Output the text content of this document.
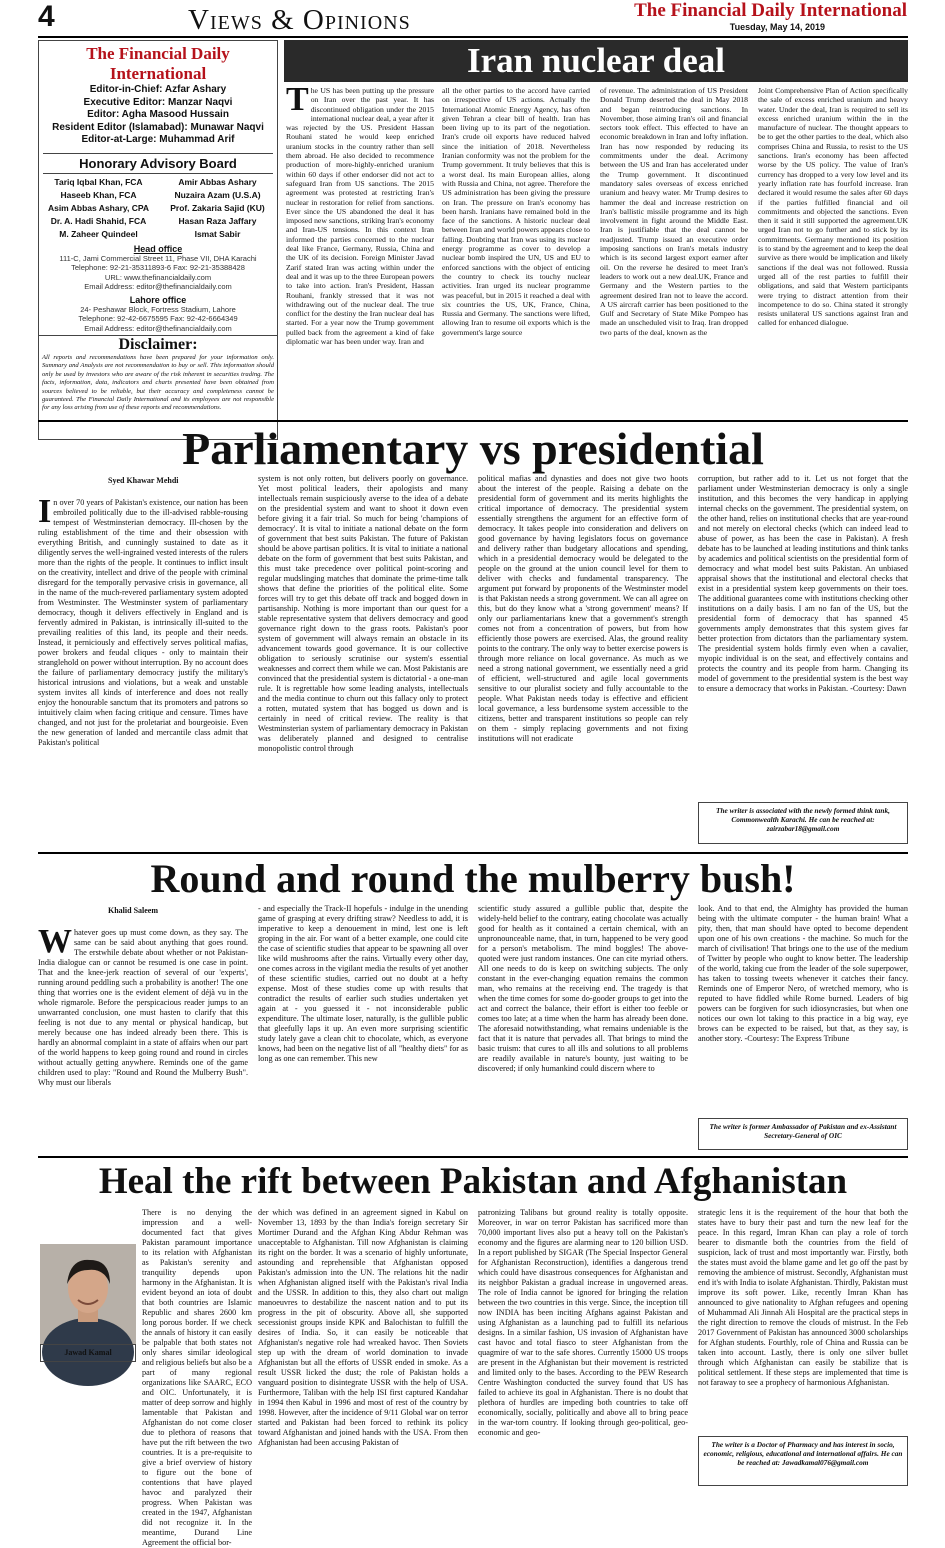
4	Views & Opinions	The Financial Daily International
Tuesday, May 14, 2019
The Financial Daily International
Editor-in-Chief: Azfar Ashary
Executive Editor: Manzar Naqvi
Editor: Agha Masood Hussain
Resident Editor (Islamabad): Munawar Naqvi
Editor-at-Large: Muhammad Arif
Honorary Advisory Board
Tariq Iqbal Khan, FCA	Amir Abbas Ashary
Haseeb Khan, FCA	Nuzaira Azam (U.S.A)
Asim Abbas Ashary, CPA	Prof. Zakaria Sajid (KU)
Dr. A. Hadi Shahid, FCA	Hasan Raza Jaffary
M. Zaheer Quindeel	Ismat Sabir
Head office
111-C, Jami Commercial Street 11, Phase VII, DHA Karachi
Telephone: 92-21-35311893-6 Fax: 92-21-35388428
URL: www.thefinancialdaily.com
Email Address: editor@thefinancialdaily.com
Lahore office
24- Peshawar Block, Fortress Stadium, Lahore
Telephone: 92-42-6675595 Fax: 92-42-6664349
Email Address: editor@thefinancialdaily.com
Disclaimer:
All reports and recommendations have been prepared for your information only. Summary and Analysis are not recommendation to buy or sell. This information should only be used by investors who are aware of the risk inherent in securities trading. The facts, information, data, indicators and charts presented have been obtained from sources believed to be reliable, but their accuracy and completeness cannot be guaranteed. The Financial Daily International and its employees are not responsible for any loss arising from use of these reports and recommendations.
Iran nuclear deal
The US has been putting up the pressure on Iran over the past year. It has discontinued obligation under the 2015 international nuclear deal, a year after it was rejected by the US. President Hassan Rouhani stated he would keep enriched uranium stocks in the country rather than sell them abroad. He also decided to recommence production of more-highly-enriched uranium within 60 days if other endorser did not act to safeguard Iran from US sanctions. The 2015 agreement was protested at restricting Iran's nuclear in restoration for relief from sanctions. Ever since the US abandoned the deal it has imposed new sanctions, striking Iran's economy and Iran-US tensions. In this context Iran informed the parties concerned to the nuclear deal like France, Germany, Russia, China and the UK of its decision. Foreign Minister Javad Zarif stated Iran was acting within under the deal and it was up to the three European powers to take into action. Iran's President, Hassan Rouhani, frankly stressed that it was not withdrawing out of the nuclear deal. The true conflict for the destiny the Iran nuclear deal has started. For a year now the Trump government pulled back from the agreement a kind of fake diplomatic war has been under way. Iran and
all the other parties to the accord have carried on irrespective of US actions. Actually the International Atomic Energy Agency, has often given Tehran a clear bill of health. Iran has been living up to its part of the negotiation. Iran's crude oil exports have reduced halved since the initiation of 2018. Nevertheless Iranian conformity was not the problem for the Trump government. It truly believes that this is a worst deal. Its main European allies, along with Russia and China, not agree. Therefore the US administration has been giving the pressure on Iran. The pressure on Iran's economy has been harsh. Iranians have remained bold in the face of the sanctions. A historic nuclear deal between Iran and world powers appears close to falling. Doubting that Iran was using its nuclear energy programme as cover to develop a nuclear bomb inspired the UN, US and EU to enforced sanctions with the object of enticing the country to check its touchy nuclear activities. Iran urged its nuclear programme was peaceful, but in 2015 it reached a deal with six countries the US, UK, France, China, Russia and Germany. The sanctions were lifted, allowing Iran to resume oil exports which is the government's large source
of revenue. The administration of US President Donald Trump deserted the deal in May 2018 and began reintroducing sanctions. In November, those aiming Iran's oil and financial sectors took effect. This effected to have an economic breakdown in Iran and lofty inflation. Iran has now responded by reducing its commitments under the deal. Acrimony between the US and Iran has accelerated under the Trump government. It discontinued mandatory sales overseas of excess enriched uranium and heavy water. Mr Trump desires to hammer the deal and increase restriction on Iran's ballistic missile programme and its high involvement in fight around the Middle East. Iran is justifiable that the deal cannot be readjusted. Trump issued an executive order imposing sanctions on Iran's metals industry which is its second largest export earner after oil. On the reverse he desired to meet Iran's leaders to work out a new deal.UK, France and Germany and the Western parties to the agreement desired Iran not to leave the accord. A US aircraft carrier has been positioned to the Gulf and Secretary of State Mike Pompeo has made an unscheduled visit to Iraq. Iran dropped two parts of the deal, known as the
Joint Comprehensive Plan of Action specifically the sale of excess enriched uranium and heavy water. Under the deal, Iran is required to sell its excess enriched uranium within the in the manufacture of nuclear. The thought appears to be to get the other parties to the deal, which also comprises China and Russia, to resist to the US sanctions. Iran's economy has been affected worse by the US policy. The value of Iran's currency has dropped to a very low level and its yearly inflation rate has fourfold increase. Iran declared it would resume the sales after 60 days if the parties fulfilled financial and oil commitments and objected the sanctions. Even then it said it still supported the agreement.UK urged Iran not to go further and to stick by its commitments. Germany mentioned its position is to stand by the agreement and to keep the deal survive as there would be implication and likely sanctions if the deal was not followed. Russia urged all of the rest parties to fulfill their obligations, and said that Western participants were trying to distract attention from their incompetence to do so. China stated it strongly resists unilateral US sanctions against Iran and called for enhanced dialogue.
Parliamentary vs presidential
Syed Khawar Mehdi
In over 70 years of Pakistan's existence, our nation has been embroiled politically due to the ill-advised rabble-rousing tempest of Westminsterian democracy. Ill-chosen by the ruling establishment of the time and their obsession with everything British, and cunningly sustained to date as it diligently serves the well-ingrained vested interests of the rulers more than the rights of the people. It continues to inflict insult on the creativity, intellect and drive of the people with criminal disregard for the temporally pervasive crisis in governance, all in the name of the much-revered parliamentary system adopted from Westminster. The Westminster system of parliamentary democracy, though it delivers effectively in England and is fervently admired in Pakistan, is intrinsically ill-suited to the prevailing realities of this land, its people and their needs. Instead, it perniciously and effectively serves political mafias, power brokers and feudal cliques - only to maintain their stranglehold on power without interruption. By no account does the failure of parliamentary democracy justify the military's historical intrusions and violations, but a weak and unstable system invites all kinds of interference and does not really enjoy the honourable sanctum that its promoters and patrons so intuitively claim when facing critique and censure. Times have changed, and not just for the proletariat and bourgeoisie. Even the new generation of landed and mercantile class admit that Pakistan's political
system is not only rotten, but delivers poorly on governance. Yet most political leaders, their apologists and many intellectuals remain suspiciously averse to the idea of a debate on the presidential system and want to shoot it down even before giving it a fair trial. So much for being 'champions of democracy'. It is vital to initiate a national debate on the form of government that best suits Pakistan. The future of Pakistan should be above partisan politics. It is vital to initiate a national debate on the form of government that best suits Pakistan, and this must take precedence over political point-scoring and regular mudslinging matches that dominate the prime-time talk shows that define the priorities of the political elite. Some forces will try to get this debate off track and bogged down in partisanship. Nothing is more important than our quest for a stable representative system that delivers democracy and good governance right down to the grass roots. Pakistan's poor system of government will always remain an obstacle in its advancement towards good governance. It is our collective obligation to seriously scrutinise our system's essential weaknesses and correct them while we can. Most Pakistanis are convinced that the presidential system is dictatorial - a one-man rule. It is regrettable how some leading analysts, intellectuals and the media continue to churn out this fallacy only to protect a rotten, mutated system that has bogged us down and is certainly in need of critical review. The reality is that Westminsterian system of parliamentary democracy in Pakistan was deliberately planned and designed to centralise monopolistic control through
political mafias and dynasties and does not give two hoots about the interest of the people. Raising a debate on the presidential form of government and its merits highlights the critical importance of democracy. The presidential system essentially strengthens the argument for an effective form of democracy. It takes people into consideration and delivers on good governance by having legislators focus on governance and delivery rather than budgetary allocations and spending, which in a presidential democracy would be delegated to the people on the ground at the union council level for them to deliver with checks and fundamental transparency. The argument put forward by proponents of the Westminster model is that Pakistan needs a strong government. We can all agree on this, but do they know what a 'strong government' means? If only our parliamentarians knew that a government's strength comes not from a concentration of powers, but from how efficiently those powers are exercised. Alas, the ground reality points to the contrary. The only way to better exercise powers is through more reliance on local governance. As much as we need a strong national government, we essentially need a grid of efficient, well-structured and agile local governments sensitive to our pluralist society and fully accountable to the people. What Pakistan needs today is effective and efficient local governance, a less burdensome system accessible to the citizens, better and transparent institutions so people can rely on them - simply replacing governments and not fixing institutions will not eradicate
corruption, but rather add to it. Let us not forget that the parliament under Westminsterian democracy is only a single institution, and this becomes the very handicap in applying internal checks on the government. The presidential system, on the other hand, relies on institutional checks that are year-round and not merely on electoral checks (which can indeed lead to abuse of power, as has been the case in Pakistan). A fresh debate has to be launched at leading institutions and think tanks by academics and political scientists on the presidential form of democracy and what model best suits Pakistan. An unbiased appraisal shows that the institutional and electoral checks that exist in a presidential system keep governments on their toes. The additional guarantees come with institutions checking other institutions on a daily basis. I am no fan of the US, but the presidential form of democracy that has spanned 45 governments amply demonstrates that this system gives far better protection from dictators than the parliamentary system. The presidential system holds firmly even when a cavalier, myopic individual is on the seat, and effectively contains and protects the country and its people from harm. Changing its model of government to the presidential system is the best way to ensure a democracy that works in Pakistan. -Courtesy: Dawn
The writer is associated with the newly formed think tank, Commonwealth Karachi. He can be reached at: zairzabar18@gmail.com
Round and round the mulberry bush!
Khalid Saleem
Whatever goes up must come down, as they say. The same can be said about anything that goes round. The erstwhile debate about whether or not Pakistan-India dialogue can or cannot be resumed is one case in point. That and the knee-jerk reaction of several of our 'experts', running around peddling such a probability is another! The one thing that worries one is the evident element of déjà vu in the whole rigmarole. Before the perspicacious reader jumps to an unwarranted conclusion, one must hasten to clarify that this feeling is not due to any mental or physical handicap, but merely because one has indeed already been there. This is hardly an abnormal complaint in a state of affairs when our part of the world happens to keep going round and round in circles without actually getting anywhere. Reminds one of the game children used to play: "Round and Round the Mulberry Bush". Why must our liberals
- and especially the Track-II hopefuls - indulge in the unending game of grasping at every drifting straw? Needless to add, it is imperative to keep a denouement in mind, lest one is left groping in the air. For want of a better example, one could cite the case of scientific studies that appear to be spawning all over like wild mushrooms after the rains. Virtually every other day, one comes across in the vigilant media the results of yet another of these scientific studies, carried out no doubt at a hefty expense. Most of these studies come up with results that contradict the results of earlier such studies undertaken yet again at - you guessed it - not inconsiderable public expenditure. The ultimate loser, naturally, is the gullible public that gleefully laps it up. An even more surprising scientific study lately gave a clean chit to chocolate, which, as everyone knows, had been on the negative list of all "healthy diets" for as long as one can remember. This new
scientific study assured a gullible public that, despite the widely-held belief to the contrary, eating chocolate was actually good for health as it contained a certain chemical, with an unpronounceable name, that, in turn, happened to be very good for a person's metabolism. The mind boggles! The above-quoted were just random instances. One can cite myriad others. All one needs to do is keep on switching subjects. The only constant in the ever-changing equation remains the common man, who remains at the receiving end. The tragedy is that when the time comes for some do-gooder groups to get into the act and correct the balance, their effort is either too feeble or comes too late; at a time when the harm has already been done. The aforesaid notwithstanding, what remains undeniable is the fact that it is nature that pervades all. That brings to mind the basic truism: that cures to all ills and solutions to all problems are readily available in nature's bounty, just waiting to be discovered; if only humankind could discern where to
look. And to that end, the Almighty has provided the human being with the ultimate computer - the human brain! What a pity, then, that man should have opted to become dependent upon one of his own creations - the machine. So much for the march of civilisation! That brings one to the use of the medium of Twitter by people who ought to know better. The leadership of the world, taking cue from the leader of the sole superpower, has taken to tossing tweets whenever it catches their fancy. Reminds one of Emperor Nero, of wretched memory, who is reputed to have fiddled while Rome burned. Leaders of big powers can be forgiven for such idiosyncrasies, but when one notices our own lot taking to this practice in a big way, eye brows can be expected to be raised, but that, as they say, is another story. -Courtesy: The Express Tribune
The writer is former Ambassador of Pakistan and ex-Assistant Secretary-General of OIC
Heal the rift between Pakistan and Afghanistan
Jawad Kamal
There is no denying the impression and a well-documented fact that gives Pakistan paramount importance to its relation with Afghanistan as Pakistan's serenity and tranquility depends upon harmony in the Afghanistan. It is evident beyond an iota of doubt that both countries are Islamic Republic and shares 2600 km long porous border. If we check the annals of history it can easily be palpable that both states not only shares similar ideological and religious beliefs but also be a part of many regional organizations like SAARC, ECO and OIC. Unfortunately, it is matter of deep sorrow and highly lamentable that Pakistan and Afghanistan do not come closer due to plethora of reasons that have put the rift between the two countries. It is a pre-requisite to give a brief overview of history to figure out the bone of contentions that have played havoc and paralyzed their progress. When Pakistan was created in the 1947, Afghanistan did not recognize it. In the meantime, Durand Line Agreement the official bor-
der which was defined in an agreement signed in Kabul on November 13, 1893 by the than India's foreign secretary Sir Mortimer Durand and the Afghan King Abdur Rehman was unacceptable to Afghanistan. Till now Afghanistan is claiming its right on the border. It was a scenario of highly unfortunate, astounding and reprehensible that Afghanistan opposed Pakistan's admission into the UN. The relations hit the nadir when Afghanistan aligned itself with the Pakistan's rival India and the USSR. In addition to this, they also chart out malign manoeuvres to destabilize the nascent nation and to put its progress in the pit of obscurity. Above all, she supported secessionist groups inside KPK and Balochistan to fulfill the desires of India. So, it can easily be noticeable that Afghanistan's negative role had wreaked havoc. Then Soviets step up with the dream of world domination to invade Afghanistan but all the efforts of USSR ended in smoke. As a result USSR licked the dust; the role of Pakistan holds a vanguard position to disintegrate USSR with the help of USA. Furthermore, Taliban with the help ISI first captured Kandahar in 1994 then Kabul in 1996 and most of rest of the country by 1998. However, after the incidence of 9/11 Global war on terror started and Pakistan had been forced to rethink its policy toward Afghanistan and joined hands with the USA. From then Afghanistan had been accusing Pakistan of
patronizing Talibans but ground reality is totally opposite. Moreover, in war on terror Pakistan has sacrificed more than 70,000 important lives also put a heavy toll on the Pakistan's economy and the figures are alarming near to 120 billion USD. In a report published by SIGAR (The Special Inspector General for Afghanistan Reconstruction), identifies a dangerous trend which could have disastrous consequences for Afghanistan and its neighbor Pakistan a gradual increase in ungoverned areas. The role of India cannot be ignored for bringing the relation between the two countries in this verge. Since, the inception till now INDIA has been inciting Afghans against Pakistan and using Afghanistan as a launching pad to fulfill its nefarious designs. In a similar fashion, US invasion of Afghanistan have cast havoc and total fiasco to steer Afghanistan from the quagmire of war to the safe shores. Currently 15000 US troops are present in the Afghanistan but their movement is restricted and limited only to the bases. According to the PEW Research Centre Washington conducted the survey found that US has failed to achieve its goal in Afghanistan. There is no doubt that plethora of hurdles are impeding both countries to take off economically, socially, politically and above all to bring peace in the war-torn country. If looking through geo-political, geo-economic and geo-
strategic lens it is the requirement of the hour that both the states have to bury their past and turn the new leaf for the peace. In this regard, Imran Khan can play a role of torch bearer to dismantle both the countries from the field of suspicion, lack of trust and most importantly war. Firstly, both the states must avoid the blame game and let go off the past by removing the ambience of mistrust. Secondly, Afghanistan must end it's with India to isolate Afghanistan. Thirdly, Pakistan must improve its soft power. Like, recently Imran Khan has announced to give nationality to Afghan refugees and opening of Muhammad Ali Jinnah Ali Hospital are the practical steps in the right direction to remove the clouds of mistrust. In the Feb 2017 Government of Pakistan has announced 3000 scholarships for Afghan students. Fourthly, role of China and Russia can be taken into account. Lastly, there is only one silver bullet through which Afghanistan can easily be stabilize that is political settlement. If these steps are implemented that time is not faraway to see a prophecy of harmonious Afghanistan.
The writer is a Doctor of Pharmacy and has interest in socio, economic, religious, educational and international affairs. He can be reached at: Jawadkamal076@gmail.com
